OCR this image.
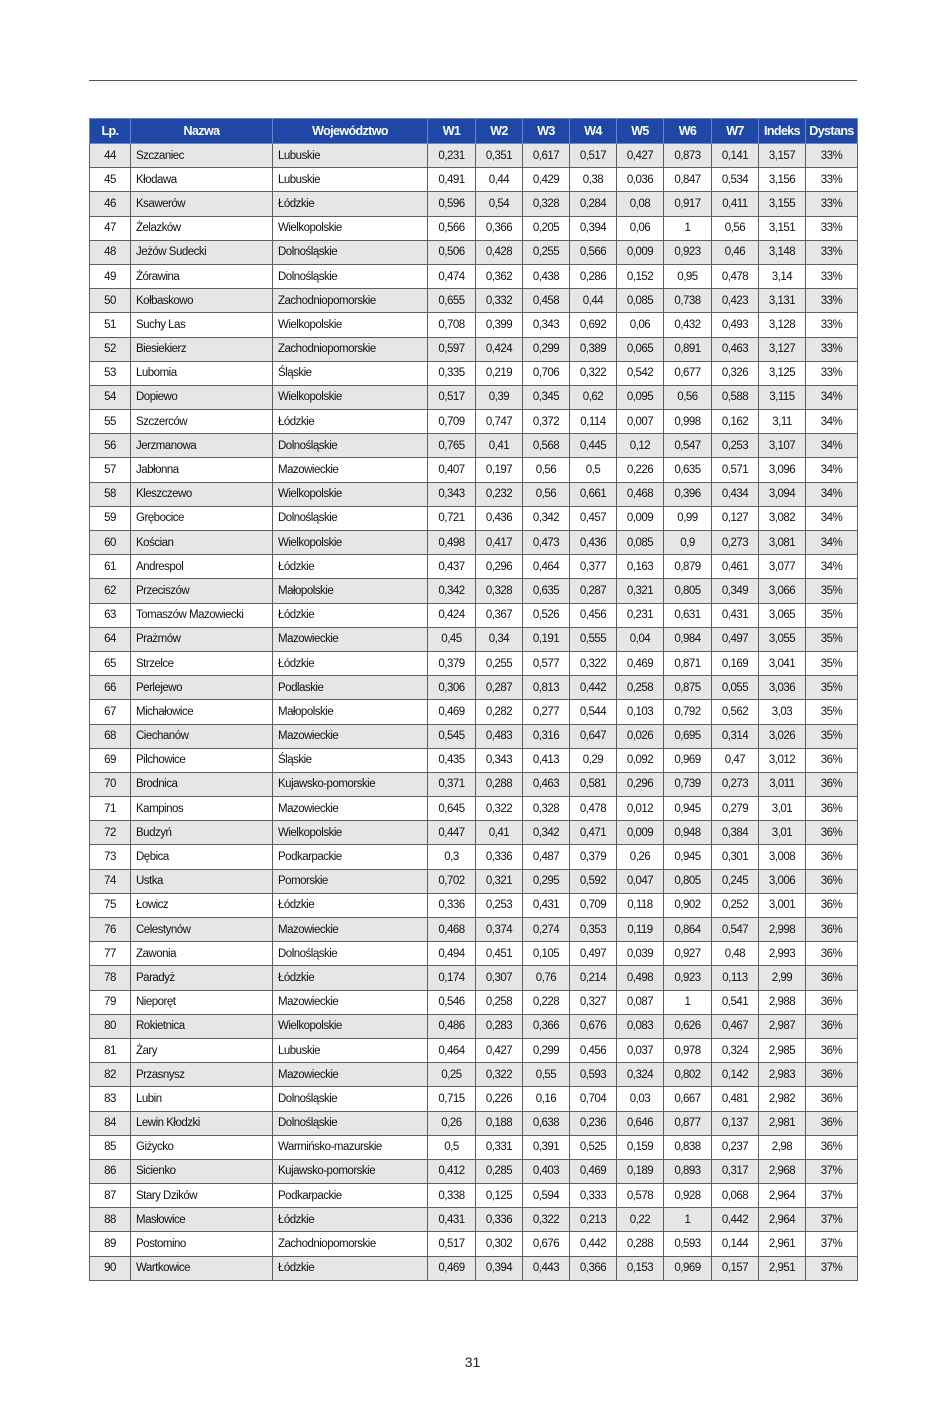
Lp.	Nazwa	Województwo	W1	W2	W3	W4	W5	W6	W7	Indeks	Dystans
44	Szczaniec	Lubuskie	0,231	0,351	0,617	0,517	0,427	0,873	0,141	3,157	33%
45	Kłodawa	Lubuskie	0,491	0,44	0,429	0,38	0,036	0,847	0,534	3,156	33%
46	Ksawerów	Łódzkie	0,596	0,54	0,328	0,284	0,08	0,917	0,411	3,155	33%
47	Żelazków	Wielkopolskie	0,566	0,366	0,205	0,394	0,06	1	0,56	3,151	33%
48	Jeżów Sudecki	Dolnośląskie	0,506	0,428	0,255	0,566	0,009	0,923	0,46	3,148	33%
49	Żórawina	Dolnośląskie	0,474	0,362	0,438	0,286	0,152	0,95	0,478	3,14	33%
50	Kołbaskowo	Zachodniopomorskie	0,655	0,332	0,458	0,44	0,085	0,738	0,423	3,131	33%
51	Suchy Las	Wielkopolskie	0,708	0,399	0,343	0,692	0,06	0,432	0,493	3,128	33%
52	Biesiekierz	Zachodniopomorskie	0,597	0,424	0,299	0,389	0,065	0,891	0,463	3,127	33%
53	Lubomia	Śląskie	0,335	0,219	0,706	0,322	0,542	0,677	0,326	3,125	33%
54	Dopiewo	Wielkopolskie	0,517	0,39	0,345	0,62	0,095	0,56	0,588	3,115	34%
55	Szczerców	Łódzkie	0,709	0,747	0,372	0,114	0,007	0,998	0,162	3,11	34%
56	Jerzmanowa	Dolnośląskie	0,765	0,41	0,568	0,445	0,12	0,547	0,253	3,107	34%
57	Jabłonna	Mazowieckie	0,407	0,197	0,56	0,5	0,226	0,635	0,571	3,096	34%
58	Kleszczewo	Wielkopolskie	0,343	0,232	0,56	0,661	0,468	0,396	0,434	3,094	34%
59	Grębocice	Dolnośląskie	0,721	0,436	0,342	0,457	0,009	0,99	0,127	3,082	34%
60	Kościan	Wielkopolskie	0,498	0,417	0,473	0,436	0,085	0,9	0,273	3,081	34%
61	Andrespol	Łódzkie	0,437	0,296	0,464	0,377	0,163	0,879	0,461	3,077	34%
62	Przeciszów	Małopolskie	0,342	0,328	0,635	0,287	0,321	0,805	0,349	3,066	35%
63	Tomaszów Mazowiecki	Łódzkie	0,424	0,367	0,526	0,456	0,231	0,631	0,431	3,065	35%
64	Prażmów	Mazowieckie	0,45	0,34	0,191	0,555	0,04	0,984	0,497	3,055	35%
65	Strzelce	Łódzkie	0,379	0,255	0,577	0,322	0,469	0,871	0,169	3,041	35%
66	Perlejewo	Podlaskie	0,306	0,287	0,813	0,442	0,258	0,875	0,055	3,036	35%
67	Michałowice	Małopolskie	0,469	0,282	0,277	0,544	0,103	0,792	0,562	3,03	35%
68	Ciechanów	Mazowieckie	0,545	0,483	0,316	0,647	0,026	0,695	0,314	3,026	35%
69	Pilchowice	Śląskie	0,435	0,343	0,413	0,29	0,092	0,969	0,47	3,012	36%
70	Brodnica	Kujawsko-pomorskie	0,371	0,288	0,463	0,581	0,296	0,739	0,273	3,011	36%
71	Kampinos	Mazowieckie	0,645	0,322	0,328	0,478	0,012	0,945	0,279	3,01	36%
72	Budzyń	Wielkopolskie	0,447	0,41	0,342	0,471	0,009	0,948	0,384	3,01	36%
73	Dębica	Podkarpackie	0,3	0,336	0,487	0,379	0,26	0,945	0,301	3,008	36%
74	Ustka	Pomorskie	0,702	0,321	0,295	0,592	0,047	0,805	0,245	3,006	36%
75	Łowicz	Łódzkie	0,336	0,253	0,431	0,709	0,118	0,902	0,252	3,001	36%
76	Celestynów	Mazowieckie	0,468	0,374	0,274	0,353	0,119	0,864	0,547	2,998	36%
77	Zawonia	Dolnośląskie	0,494	0,451	0,105	0,497	0,039	0,927	0,48	2,993	36%
78	Paradyż	Łódzkie	0,174	0,307	0,76	0,214	0,498	0,923	0,113	2,99	36%
79	Nieporęt	Mazowieckie	0,546	0,258	0,228	0,327	0,087	1	0,541	2,988	36%
80	Rokietnica	Wielkopolskie	0,486	0,283	0,366	0,676	0,083	0,626	0,467	2,987	36%
81	Żary	Lubuskie	0,464	0,427	0,299	0,456	0,037	0,978	0,324	2,985	36%
82	Przasnysz	Mazowieckie	0,25	0,322	0,55	0,593	0,324	0,802	0,142	2,983	36%
83	Lubin	Dolnośląskie	0,715	0,226	0,16	0,704	0,03	0,667	0,481	2,982	36%
84	Lewin Kłodzki	Dolnośląskie	0,26	0,188	0,638	0,236	0,646	0,877	0,137	2,981	36%
85	Giżycko	Warmińsko-mazurskie	0,5	0,331	0,391	0,525	0,159	0,838	0,237	2,98	36%
86	Sicienko	Kujawsko-pomorskie	0,412	0,285	0,403	0,469	0,189	0,893	0,317	2,968	37%
87	Stary Dzików	Podkarpackie	0,338	0,125	0,594	0,333	0,578	0,928	0,068	2,964	37%
88	Masłowice	Łódzkie	0,431	0,336	0,322	0,213	0,22	1	0,442	2,964	37%
89	Postomino	Zachodniopomorskie	0,517	0,302	0,676	0,442	0,288	0,593	0,144	2,961	37%
90	Wartkowice	Łódzkie	0,469	0,394	0,443	0,366	0,153	0,969	0,157	2,951	37%
31
